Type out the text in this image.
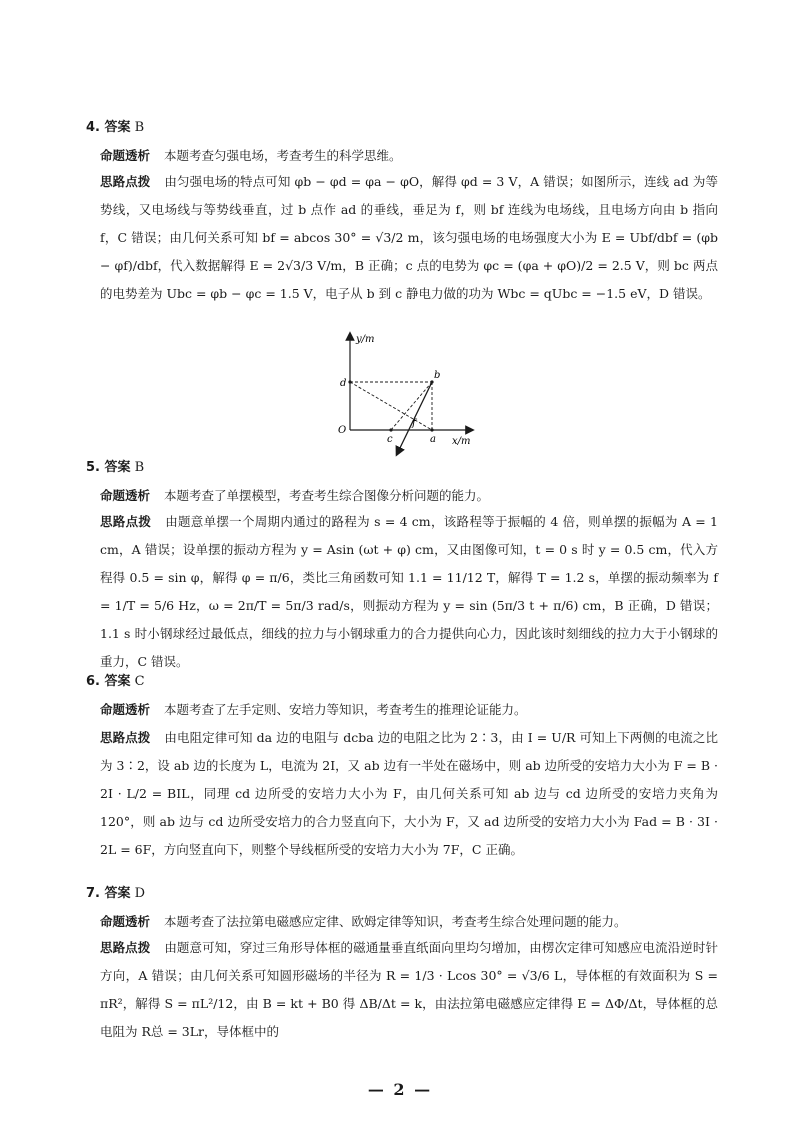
4. 答案 B
命题透析 本题考查匀强电场，考查考生的科学思维。
思路点拨 由匀强电场的特点可知 φb − φd = φa − φO，解得 φd = 3 V，A 错误；如图所示，连线 ad 为等势线，又电场线与等势线垂直，过 b 点作 ad 的垂线，垂足为 f，则 bf 连线为电场线，且电场方向由 b 指向 f，C 错误；由几何关系可知 bf = abcos 30° = √3/2 m，该匀强电场的电场强度大小为 E = Ubf/dbf = (φb − φf)/dbf，代入数据解得 E = 2√3/3 V/m，B 正确；c 点的电势为 φc = (φa + φO)/2 = 2.5 V，则 bc 两点的电势差为 Ubc = φb − φc = 1.5 V，电子从 b 到 c 静电力做的功为 Wbc = qUbc = −1.5 eV，D 错误。
y/m
x/m
O
d
b
f
c	a
5. 答案 B
命题透析 本题考查了单摆模型，考查考生综合图像分析问题的能力。
思路点拨 由题意单摆一个周期内通过的路程为 s = 4 cm，该路程等于振幅的 4 倍，则单摆的振幅为 A = 1 cm，A 错误；设单摆的振动方程为 y = Asin (ωt + φ) cm，又由图像可知，t = 0 s 时 y = 0.5 cm，代入方程得 0.5 = sin φ，解得 φ = π/6，类比三角函数可知 1.1 = 11/12 T，解得 T = 1.2 s，单摆的振动频率为 f = 1/T = 5/6 Hz，ω = 2π/T = 5π/3 rad/s，则振动方程为 y = sin (5π/3 t + π/6) cm，B 正确，D 错误；1.1 s 时小钢球经过最低点，细线的拉力与小钢球重力的合力提供向心力，因此该时刻细线的拉力大于小钢球的重力，C 错误。
6. 答案 C
命题透析 本题考查了左手定则、安培力等知识，考查考生的推理论证能力。
思路点拨 由电阻定律可知 da 边的电阻与 dcba 边的电阻之比为 2∶3，由 I = U/R 可知上下两侧的电流之比为 3∶2，设 ab 边的长度为 L，电流为 2I，又 ab 边有一半处在磁场中，则 ab 边所受的安培力大小为 F = B · 2I · L/2 = BIL，同理 cd 边所受的安培力大小为 F，由几何关系可知 ab 边与 cd 边所受的安培力夹角为 120°，则 ab 边与 cd 边所受安培力的合力竖直向下，大小为 F，又 ad 边所受的安培力大小为 Fad = B · 3I · 2L = 6F，方向竖直向下，则整个导线框所受的安培力大小为 7F，C 正确。
7. 答案 D
命题透析 本题考查了法拉第电磁感应定律、欧姆定律等知识，考查考生综合处理问题的能力。
思路点拨 由题意可知，穿过三角形导体框的磁通量垂直纸面向里均匀增加，由楞次定律可知感应电流沿逆时针方向，A 错误；由几何关系可知圆形磁场的半径为 R = 1/3 · Lcos 30° = √3/6 L，导体框的有效面积为 S = πR²，解得 S = πL²/12，由 B = kt + B0 得 ΔB/Δt = k，由法拉第电磁感应定律得 E = ΔΦ/Δt，导体框的总电阻为 R总 = 3Lr，导体框中的
— 2 —
